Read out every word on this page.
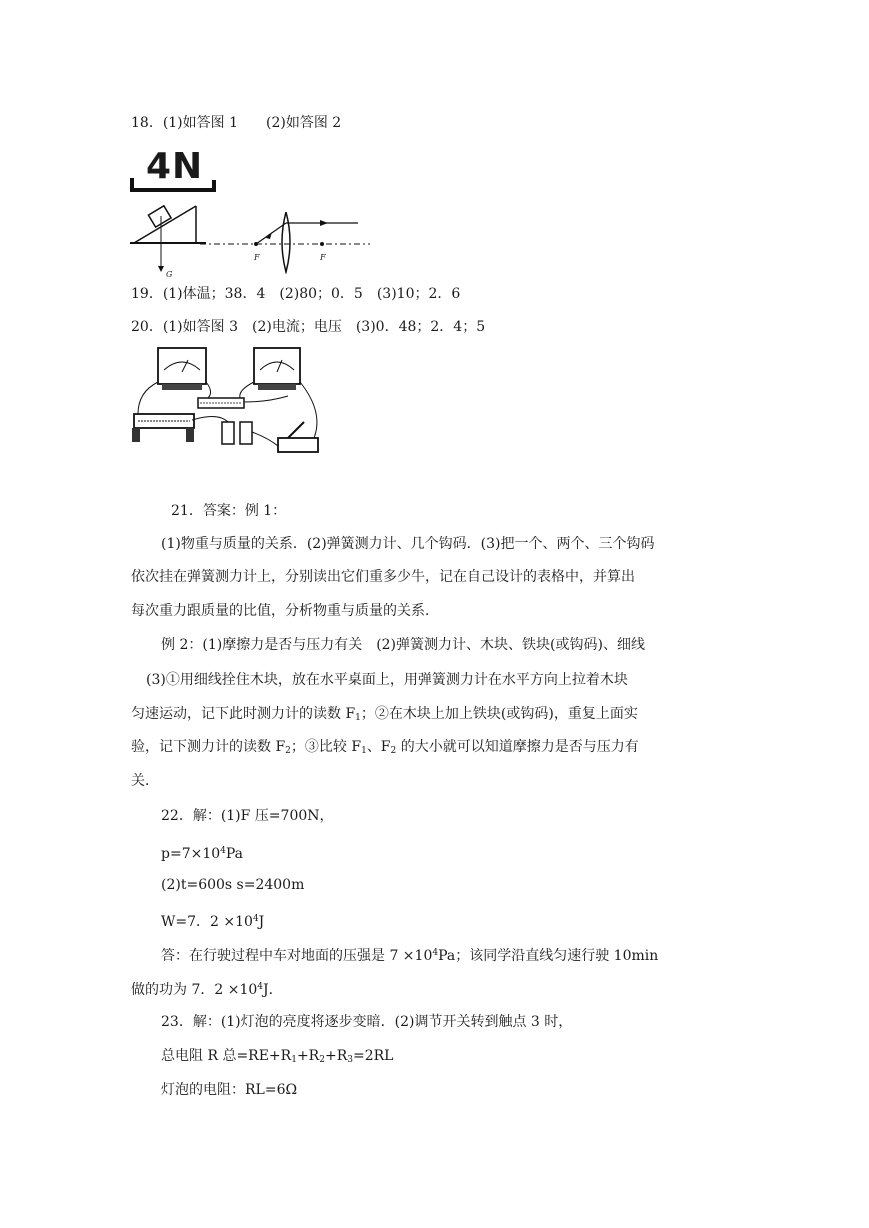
18．(1)如答图 1　　(2)如答图 2
4N
G
F	F
19．(1)体温；38．4　(2)80；0．5　(3)10；2．6
20．(1)如答图 3　(2)电流；电压　(3)0．48；2．4；5
21．答案：例 1：
(1)物重与质量的关系．(2)弹簧测力计、几个钩码．(3)把一个、两个、三个钩码
依次挂在弹簧测力计上，分别读出它们重多少牛，记在自己设计的表格中，并算出
每次重力跟质量的比值，分析物重与质量的关系．
例 2：(1)摩擦力是否与压力有关　(2)弹簧测力计、木块、铁块(或钩码)、细线
(3)①用细线拴住木块，放在水平桌面上，用弹簧测力计在水平方向上拉着木块
匀速运动，记下此时测力计的读数 $F_1$；②在木块上加上铁块(或钩码)，重复上面实
验，记下测力计的读数 $F_2$；③比较 $F_1$、$F_2$ 的大小就可以知道摩擦力是否与压力有
关．
22．解：(1)F 压=700N，
$p=7\times 10^4Pa$
(2)t=600s s=2400m
W=7．$2 \times 10^4J$
答：在行驶过程中车对地面的压强是 $7 \times 10^4Pa$；该同学沿直线匀速行驶 10min
做的功为 7．$2 \times 10^4J$．
23．解：(1)灯泡的亮度将逐步变暗．(2)调节开关转到触点 3 时，
总电阻 R 总$=RE+R_1+R_2+R_3=2RL$
灯泡的电阻：RL=6Ω
